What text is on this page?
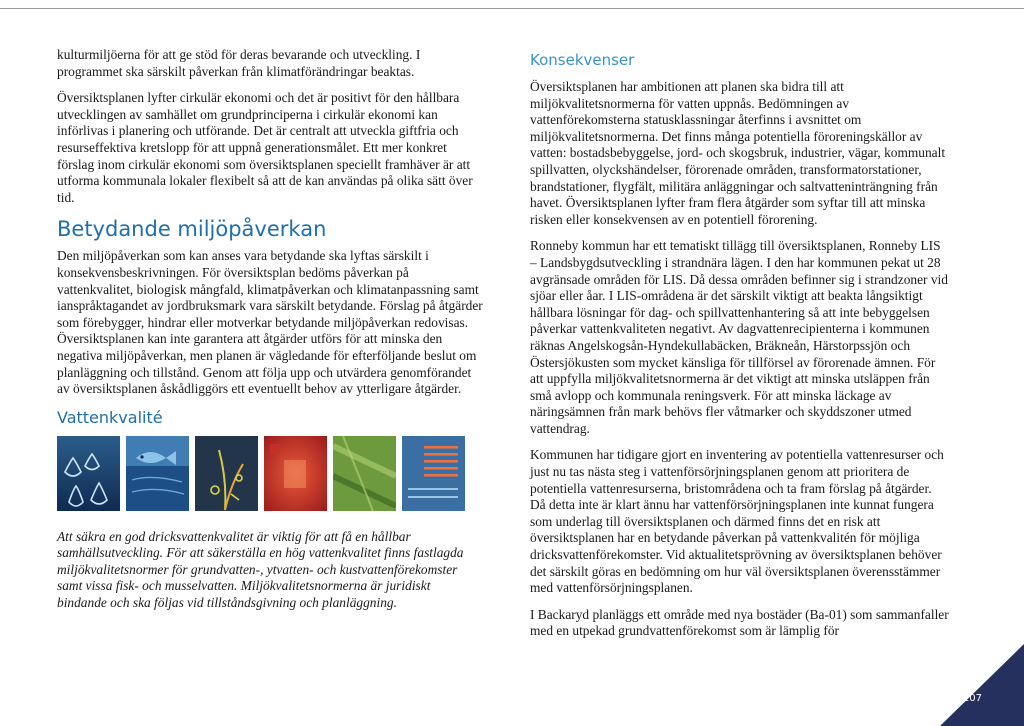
kulturmiljöerna för att ge stöd för deras bevarande och utveckling. I programmet ska särskilt påverkan från klimatförändringar beaktas.

Översiktsplanen lyfter cirkulär ekonomi och det är positivt för den hållbara utvecklingen av samhället om grundprinciperna i cirkulär ekonomi kan införlivas i planering och utförande. Det är centralt att utveckla giftfria och resurseffektiva kretslopp för att uppnå generationsmålet. Ett mer konkret förslag inom cirkulär ekonomi som översiktsplanen speciellt framhäver är att utforma kommunala lokaler flexibelt så att de kan användas på olika sätt över tid.

Betydande miljöpåverkan

Den miljöpåverkan som kan anses vara betydande ska lyftas särskilt i konsekvensbeskrivningen. För översiktsplan bedöms påverkan på vattenkvalitet, biologisk mångfald, klimatpåverkan och klimatanpassning samt ianspråktagandet av jordbruksmark vara särskilt betydande. Förslag på åtgärder som förebygger, hindrar eller motverkar betydande miljöpåverkan redovisas. Översiktsplanen kan inte garantera att åtgärder utförs för att minska den negativa miljöpåverkan, men planen är vägledande för efterföljande beslut om planläggning och tillstånd. Genom att följa upp och utvärdera genomförandet av översiktsplanen åskådliggörs ett eventuellt behov av ytterligare åtgärder.

Vattenkvalité

Att säkra en god dricksvattenkvalitet är viktig för att få en hållbar samhällsutveckling. För att säkerställa en hög vattenkvalitet finns fastlagda miljökvalitetsnormer för grundvatten-, ytvatten- och kustvattenförekomster samt vissa fisk- och musselvatten. Miljökvalitetsnormerna är juridiskt bindande och ska följas vid tillståndsgivning och planläggning.

Konsekvenser

Översiktsplanen har ambitionen att planen ska bidra till att miljökvalitetsnormerna för vatten uppnås. Bedömningen av vattenförekomsterna statusklassningar återfinns i avsnittet om miljökvalitetsnormerna. Det finns många potentiella föroreningskällor av vatten: bostadsbebyggelse, jord- och skogsbruk, industrier, vägar, kommunalt spillvatten, olyckshändelser, förorenade områden, transformatorstationer, brandstationer, flygfält, militära anläggningar och saltvatteninträngning från havet. Översiktsplanen lyfter fram flera åtgärder som syftar till att minska risken eller konsekvensen av en potentiell förorening.

Ronneby kommun har ett tematiskt tillägg till översiktsplanen, Ronneby LIS – Landsbygdsutveckling i strandnära lägen. I den har kommunen pekat ut 28 avgränsade områden för LIS. Då dessa områden befinner sig i strandzoner vid sjöar eller åar. I LIS-områdena är det särskilt viktigt att beakta långsiktigt hållbara lösningar för dag- och spillvattenhantering så att inte bebyggelsen påverkar vattenkvaliteten negativt. Av dagvattenrecipienterna i kommunen räknas Angelskogsån-Hyndekullabäcken, Bräkneån, Härstorpssjön och Östersjökusten som mycket känsliga för tillförsel av förorenade ämnen. För att uppfylla miljökvalitetsnormerna är det viktigt att minska utsläppen från små avlopp och kommunala reningsverk. För att minska läckage av näringsämnen från mark behövs fler våtmarker och skyddszoner utmed vattendrag.

Kommunen har tidigare gjort en inventering av potentiella vattenresurser och just nu tas nästa steg i vattenförsörjningsplanen genom att prioritera de potentiella vattenresurserna, bristområdena och ta fram förslag på åtgärder. Då detta inte är klart ännu har vattenförsörjningsplanen inte kunnat fungera som underlag till översiktsplanen och därmed finns det en risk att översiktsplanen har en betydande påverkan på vattenkvalitén för möjliga dricksvattenförekomster. Vid aktualitetsprövning av översiktsplanen behöver det särskilt göras en bedömning om hur väl översiktsplanen överensstämmer med vattenförsörjningsplanen.

I Backaryd planläggs ett område med nya bostäder (Ba-01) som sammanfaller med en utpekad grundvattenförekomst som är lämplig för

107
